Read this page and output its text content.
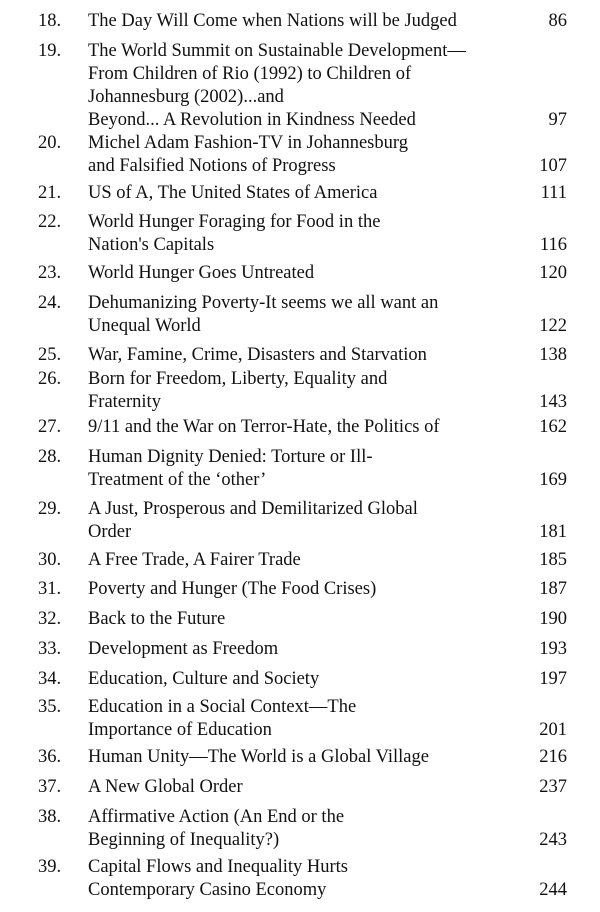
18.	The Day Will Come when Nations will be Judged	86
19.	The World Summit on Sustainable Development—
From Children of Rio (1992) to Children of
Johannesburg (2002)...and
Beyond... A Revolution in Kindness Needed	97
20.	Michel Adam Fashion-TV in Johannesburg
and Falsified Notions of Progress	107
21.	US of A, The United States of America	111
22.	World Hunger Foraging for Food in the
Nation's Capitals	116
23.	World Hunger Goes Untreated	120
24.	Dehumanizing Poverty-It seems we all want an
Unequal World	122
25.	War, Famine, Crime, Disasters and Starvation	138
26.	Born for Freedom, Liberty, Equality and
Fraternity	143
27.	9/11 and the War on Terror-Hate, the Politics of	162
28.	Human Dignity Denied: Torture or Ill-
Treatment of the ‘other’	169
29.	A Just, Prosperous and Demilitarized Global
Order	181
30.	A Free Trade, A Fairer Trade	185
31.	Poverty and Hunger (The Food Crises)	187
32.	Back to the Future	190
33.	Development as Freedom	193
34.	Education, Culture and Society	197
35.	Education in a Social Context—The
Importance of Education	201
36.	Human Unity—The World is a Global Village	216
37.	A New Global Order	237
38.	Affirmative Action (An End or the
Beginning of Inequality?)	243
39.	Capital Flows and Inequality Hurts
Contemporary Casino Economy	244
